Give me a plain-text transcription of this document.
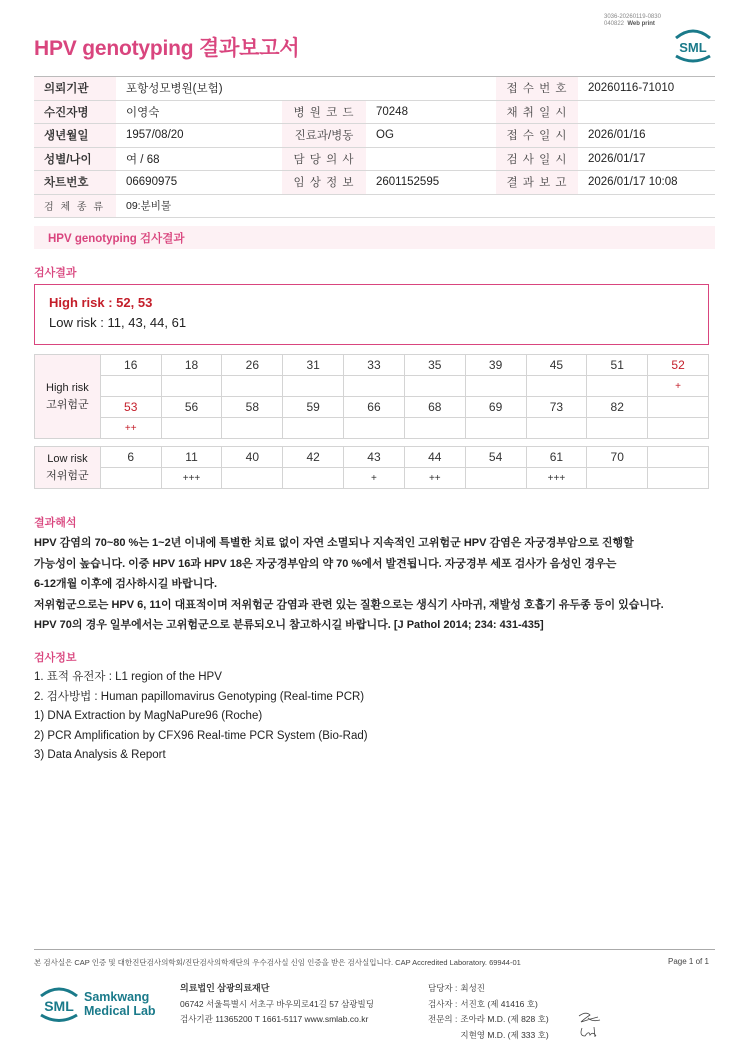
3036-20260119-0830
040822 Web print
HPV genotyping 결과보고서	SML
의뢰기관	포항성모병원(보험)			접 수 번 호	20260116-71010
수진자명	이영숙	병 원 코 드	70248	채 취 일 시	
생년월일	1957/08/20	진료과/병동	OG	접 수 일 시	2026/01/16
성별/나이	여 / 68	담 당 의 사		검 사 일 시	2026/01/17
차트번호	06690975	임 상 정 보	2601152595	결 과 보 고	2026/01/17 10:08
검 체 종 류	09:분비물				
HPV genotyping 검사결과
검사결과
High risk : 52, 53
Low risk : 11, 43, 44, 61
High risk
고위험군	16	18	26	31	33	35	39	45	51	52
										+
	53	56	58	59	66	68	69	73	82	
	++									
Low risk
저위험군	6	11	40	42	43	44	54	61	70	
		+++			+	++		+++		
결과해석
HPV 감염의 70~80 %는 1~2년 이내에 특별한 치료 없이 자연 소멸되나 지속적인 고위험군 HPV 감염은 자궁경부암으로 진행할
가능성이 높습니다. 이중 HPV 16과 HPV 18은 자궁경부암의 약 70 %에서 발견됩니다. 자궁경부 세포 검사가 음성인 경우는
6-12개월 이후에 검사하시길 바랍니다.
저위험군으로는 HPV 6, 11이 대표적이며 저위험군 감염과 관련 있는 질환으로는 생식기 사마귀, 재발성 호흡기 유두종 등이 있습니다.
HPV 70의 경우 일부에서는 고위험군으로 분류되오니 참고하시길 바랍니다. [J Pathol 2014; 234: 431-435]
검사정보
1. 표적 유전자 : L1 region of the HPV
2. 검사방법 : Human papillomavirus Genotyping (Real-time PCR)
1) DNA Extraction by MagNaPure96 (Roche)
2) PCR Amplification by CFX96 Real-time PCR System (Bio-Rad)
3) Data Analysis & Report
본 검사실은 CAP 인증 및 대한진단검사의학회/진단검사의학재단의 우수검사실 신임 인증을 받은 검사실입니다. CAP Accredited Laboratory. 69944-01	Page 1 of 1
SML
Samkwang
Medical Lab
의료법인 삼광의료재단
06742 서울특별시 서초구 바우뫼로41길 57 삼광빌딩
검사기관 11365200 T 1661-5117 www.smlab.co.kr
담당자 : 최성진
검사자 : 서진호 (제 41416 호)
전문의 : 조아라 M.D. (제 828 호)
지현영 M.D. (제 333 호)
